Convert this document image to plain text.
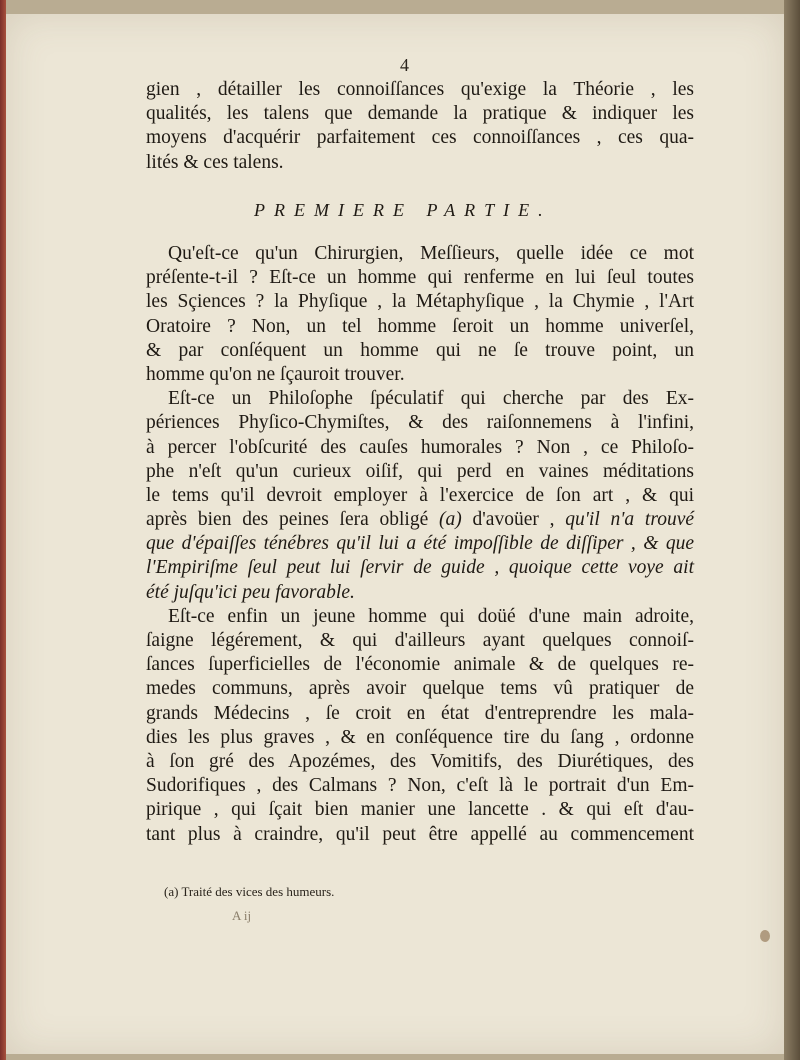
4
gien , détailler les connoiſſances qu'exige la Théorie , les
qualités, les talens que demande la pratique & indiquer les
moyens d'acquérir parfaitement ces connoiſſances , ces qua-
lités & ces talens.
PREMIERE PARTIE.
Qu'eſt-ce qu'un Chirurgien, Meſſieurs, quelle idée ce mot
préſente-t-il ? Eſt-ce un homme qui renferme en lui ſeul toutes
les Sçiences ? la Phyſique , la Métaphyſique , la Chymie , l'Art
Oratoire ? Non, un tel homme ſeroit un homme univerſel,
& par conſéquent un homme qui ne ſe trouve point, un
homme qu'on ne ſçauroit trouver.
Eſt-ce un Philoſophe ſpéculatif qui cherche par des Ex-
périences Phyſico-Chymiſtes, & des raiſonnemens à l'infini,
à percer l'obſcurité des cauſes humorales ? Non , ce Philoſo-
phe n'eſt qu'un curieux oiſif, qui perd en vaines méditations
le tems qu'il devroit employer à l'exercice de ſon art , & qui
après bien des peines ſera obligé (a) d'avoüer , qu'il n'a trouvé
que d'épaiſſes ténébres qu'il lui a été impoſſible de diſſiper , & que
l'Empiriſme ſeul peut lui ſervir de guide , quoique cette voye ait
été juſqu'ici peu favorable.
Eſt-ce enfin un jeune homme qui doüé d'une main adroite,
ſaigne légérement, & qui d'ailleurs ayant quelques connoiſ-
ſances ſuperficielles de l'économie animale & de quelques re-
medes communs, après avoir quelque tems vû pratiquer de
grands Médecins , ſe croit en état d'entreprendre les mala-
dies les plus graves , & en conſéquence tire du ſang , ordonne
à ſon gré des Apozémes, des Vomitifs, des Diurétiques, des
Sudorifiques , des Calmans ? Non, c'eſt là le portrait d'un Em-
pirique , qui ſçait bien manier une lancette . & qui eſt d'au-
tant plus à craindre, qu'il peut être appellé au commencement
(a) Traité des vices des humeurs.
A ij
